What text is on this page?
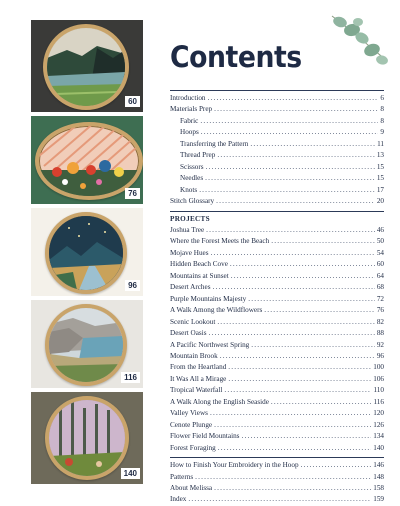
60
76
96
116
140
Contents
Introduction . . .	6
Materials Prep . . .	8
Fabric . . .	8
Hoops . . .	9
Transferring the Pattern . . .	11
Thread Prep . . .	13
Scissors . . .	15
Needles . . .	15
Knots . . .	17
Stitch Glossary . . .	20
PROJECTS
Joshua Tree . . .	46
Where the Forest Meets the Beach . . .	50
Mojave Hues . . .	54
Hidden Beach Cove . . .	60
Mountains at Sunset . . .	64
Desert Arches . . .	68
Purple Mountains Majesty . . .	72
A Walk Among the Wildflowers . . .	76
Scenic Lookout . . .	82
Desert Oasis . . .	88
A Pacific Northwest Spring . . .	92
Mountain Brook . . .	96
From the Heartland . . .	100
It Was All a Mirage . . .	106
Tropical Waterfall . . .	110
A Walk Along the English Seaside . . .	116
Valley Views . . .	120
Cenote Plunge . . .	126
Flower Field Mountains . . .	134
Forest Foraging . . .	140
How to Finish Your Embroidery in the Hoop . . .	146
Patterns . . .	148
About Melissa . . .	158
Index . . .	159
